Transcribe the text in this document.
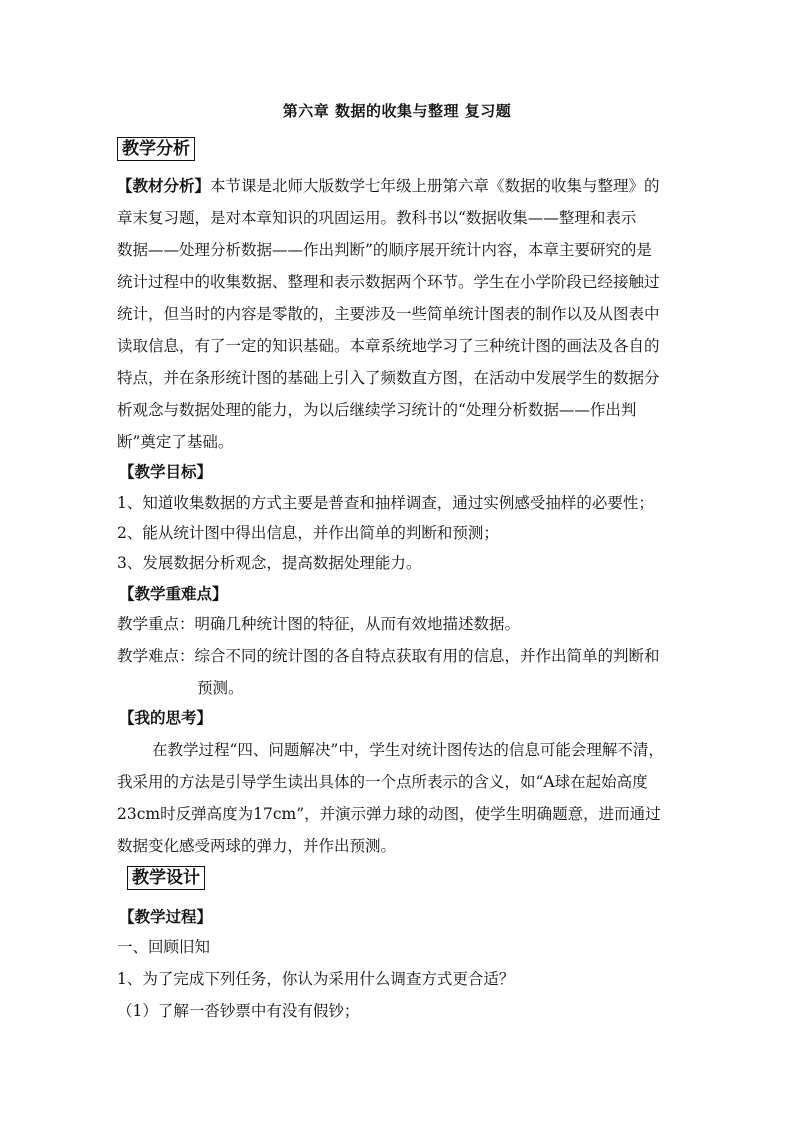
第六章 数据的收集与整理 复习题
教学分析
【教材分析】本节课是北师大版数学七年级上册第六章《数据的收集与整理》的
章末复习题，是对本章知识的巩固运用。教科书以“数据收集——整理和表示
数据——处理分析数据——作出判断”的顺序展开统计内容，本章主要研究的是
统计过程中的收集数据、整理和表示数据两个环节。学生在小学阶段已经接触过
统计，但当时的内容是零散的，主要涉及一些简单统计图表的制作以及从图表中
读取信息，有了一定的知识基础。本章系统地学习了三种统计图的画法及各自的
特点，并在条形统计图的基础上引入了频数直方图，在活动中发展学生的数据分
析观念与数据处理的能力，为以后继续学习统计的“处理分析数据——作出判
断”奠定了基础。
【教学目标】
1、知道收集数据的方式主要是普查和抽样调查，通过实例感受抽样的必要性；
2、能从统计图中得出信息，并作出简单的判断和预测；
3、发展数据分析观念，提高数据处理能力。
【教学重难点】
教学重点：明确几种统计图的特征，从而有效地描述数据。
教学难点：综合不同的统计图的各自特点获取有用的信息，并作出简单的判断和
预测。
【我的思考】
在教学过程“四、问题解决”中，学生对统计图传达的信息可能会理解不清，
我采用的方法是引导学生读出具体的一个点所表示的含义，如“A球在起始高度
23cm时反弹高度为17cm”，并演示弹力球的动图，使学生明确题意，进而通过
数据变化感受两球的弹力，并作出预测。
教学设计
【教学过程】
一、回顾旧知
1、为了完成下列任务，你认为采用什么调查方式更合适？
（1）了解一沓钞票中有没有假钞；
